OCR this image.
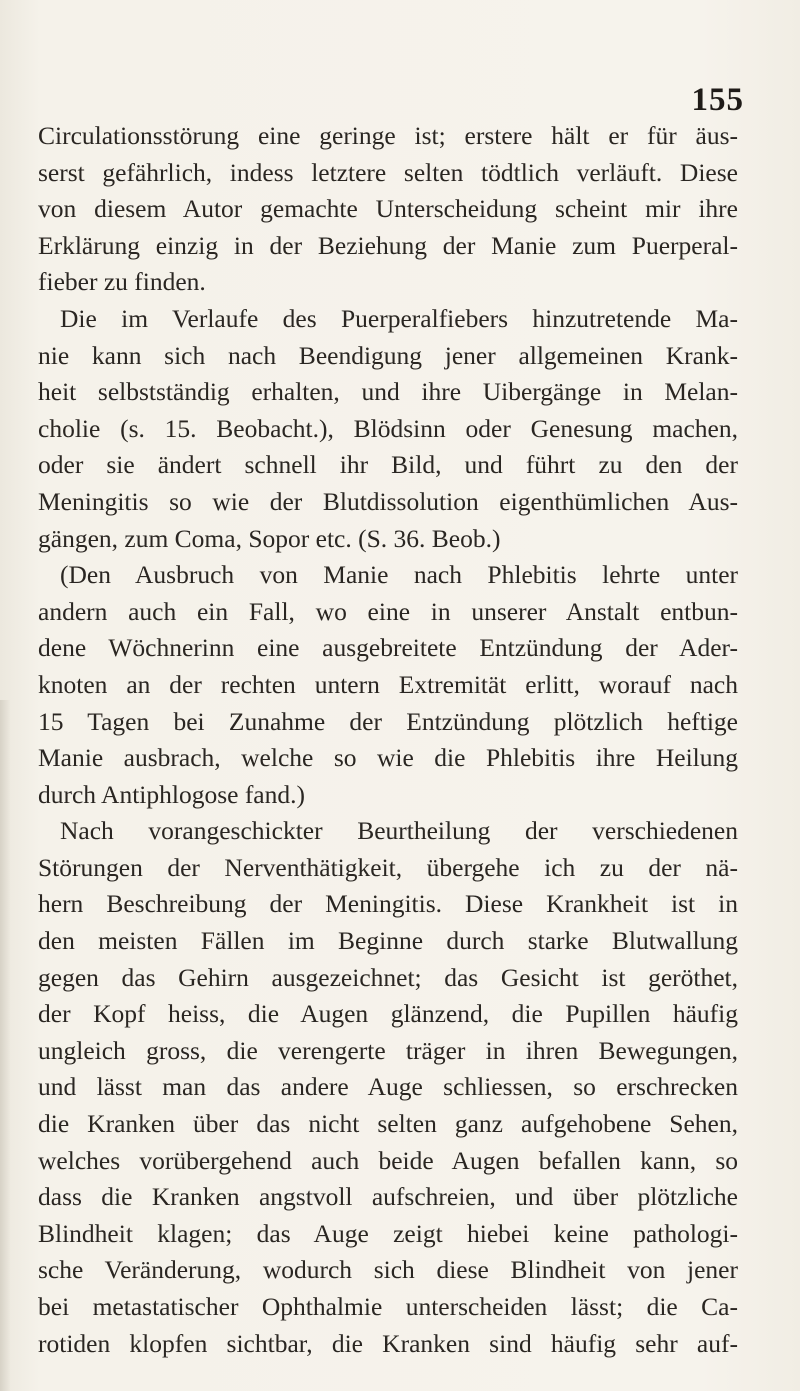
155
Circulationsstörung eine geringe ist; erstere hält er für äus-
serst gefährlich, indess letztere selten tödtlich verläuft. Diese
von diesem Autor gemachte Unterscheidung scheint mir ihre
Erklärung einzig in der Beziehung der Manie zum Puerperal-
fieber zu finden.
Die im Verlaufe des Puerperalfiebers hinzutretende Ma-
nie kann sich nach Beendigung jener allgemeinen Krank-
heit selbstständig erhalten, und ihre Uibergänge in Melan-
cholie (s. 15. Beobacht.), Blödsinn oder Genesung machen,
oder sie ändert schnell ihr Bild, und führt zu den der
Meningitis so wie der Blutdissolution eigenthümlichen Aus-
gängen, zum Coma, Sopor etc. (S. 36. Beob.)
(Den Ausbruch von Manie nach Phlebitis lehrte unter
andern auch ein Fall, wo eine in unserer Anstalt entbun-
dene Wöchnerinn eine ausgebreitete Entzündung der Ader-
knoten an der rechten untern Extremität erlitt, worauf nach
15 Tagen bei Zunahme der Entzündung plötzlich heftige
Manie ausbrach, welche so wie die Phlebitis ihre Heilung
durch Antiphlogose fand.)
Nach vorangeschickter Beurtheilung der verschiedenen
Störungen der Nerventhätigkeit, übergehe ich zu der nä-
hern Beschreibung der Meningitis. Diese Krankheit ist in
den meisten Fällen im Beginne durch starke Blutwallung
gegen das Gehirn ausgezeichnet; das Gesicht ist geröthet,
der Kopf heiss, die Augen glänzend, die Pupillen häufig
ungleich gross, die verengerte träger in ihren Bewegungen,
und lässt man das andere Auge schliessen, so erschrecken
die Kranken über das nicht selten ganz aufgehobene Sehen,
welches vorübergehend auch beide Augen befallen kann, so
dass die Kranken angstvoll aufschreien, und über plötzliche
Blindheit klagen; das Auge zeigt hiebei keine pathologi-
sche Veränderung, wodurch sich diese Blindheit von jener
bei metastatischer Ophthalmie unterscheiden lässt; die Ca-
rotiden klopfen sichtbar, die Kranken sind häufig sehr auf-
